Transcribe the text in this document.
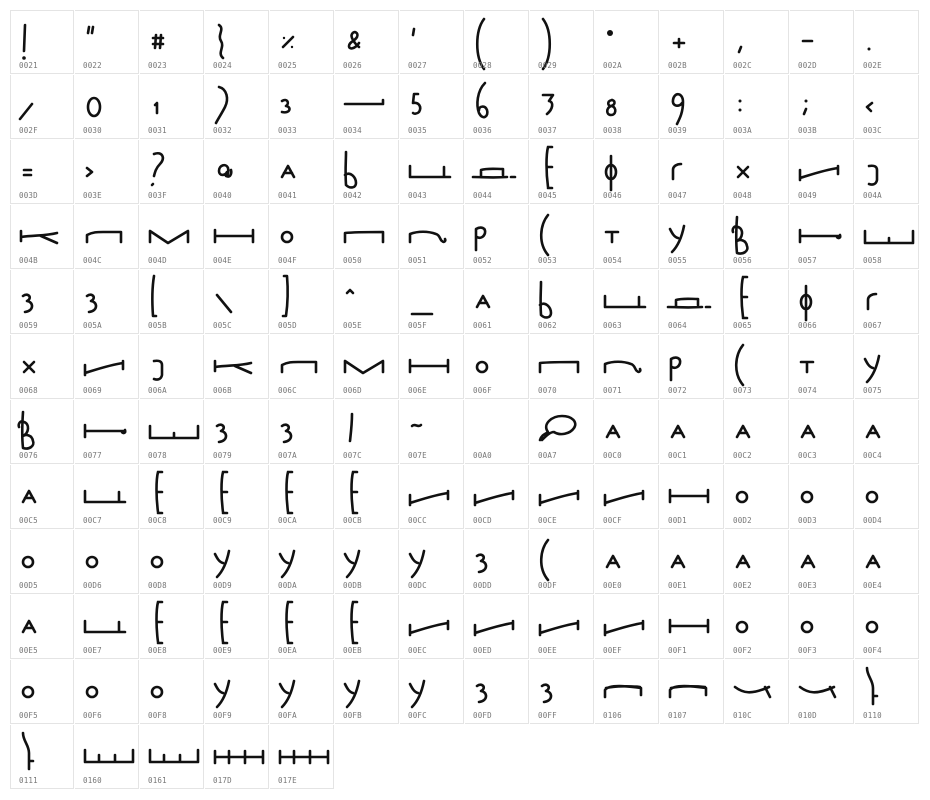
0021	0022	0023	0024	0025	0026	0027	0028	0029	002A	002B	002C	002D	002E
002F	0030	0031	0032	0033	0034	0035	0036	0037	0038	0039	003A	003B	003C
003D	003E	003F	0040	0041	0042	0043	0044	0045	0046	0047	0048	0049	004A
004B	004C	004D	004E	004F	0050	0051	0052	0053	0054	0055	0056	0057	0058
0059	005A	005B	005C	005D	005E	005F	0061	0062	0063	0064	0065	0066	0067
0068	0069	006A	006B	006C	006D	006E	006F	0070	0071	0072	0073	0074	0075
0076	0077	0078	0079	007A	007C	007E	00A0	00A7	00C0	00C1	00C2	00C3	00C4
00C5	00C7	00C8	00C9	00CA	00CB	00CC	00CD	00CE	00CF	00D1	00D2	00D3	00D4
00D5	00D6	00D8	00D9	00DA	00DB	00DC	00DD	00DF	00E0	00E1	00E2	00E3	00E4
00E5	00E7	00E8	00E9	00EA	00EB	00EC	00ED	00EE	00EF	00F1	00F2	00F3	00F4
00F5	00F6	00F8	00F9	00FA	00FB	00FC	00FD	00FF	0106	0107	010C	010D	0110
0111	0160	0161	017D	017E
